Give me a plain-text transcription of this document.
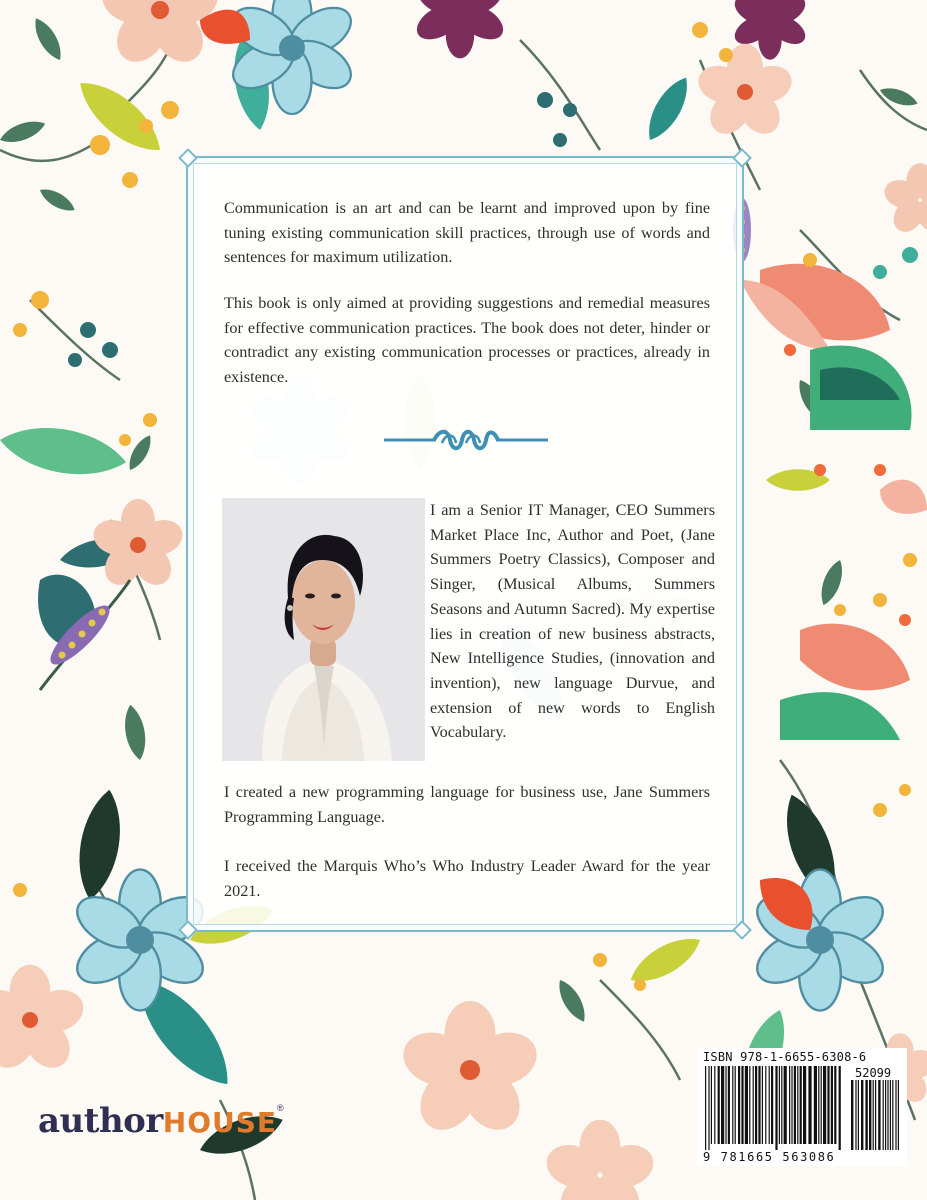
Communication is an art and can be learnt and improved upon by fine tuning existing communication skill practices, through use of words and sentences for maximum utilization.

This book is only aimed at providing suggestions and remedial measures for effective communication practices. The book does not deter, hinder or contradict any existing communication processes or practices, already in existence.

I am a Senior IT Manager, CEO Summers Market Place Inc, Author and Poet, (Jane Summers Poetry Classics), Composer and Singer, (Musical Albums, Summers Seasons and Autumn Sacred). My expertise lies in creation of new business abstracts, New Intelligence Studies, (innovation and invention), new language Durvue, and extension of new words to English Vocabulary.

I created a new programming language for business use, Jane Summers Programming Language.

I received the Marquis Who’s Who Industry Leader Award for the year 2021.

authorHOUSE®
ISBN 978-1-6655-6308-6
52099
9 781665 563086
